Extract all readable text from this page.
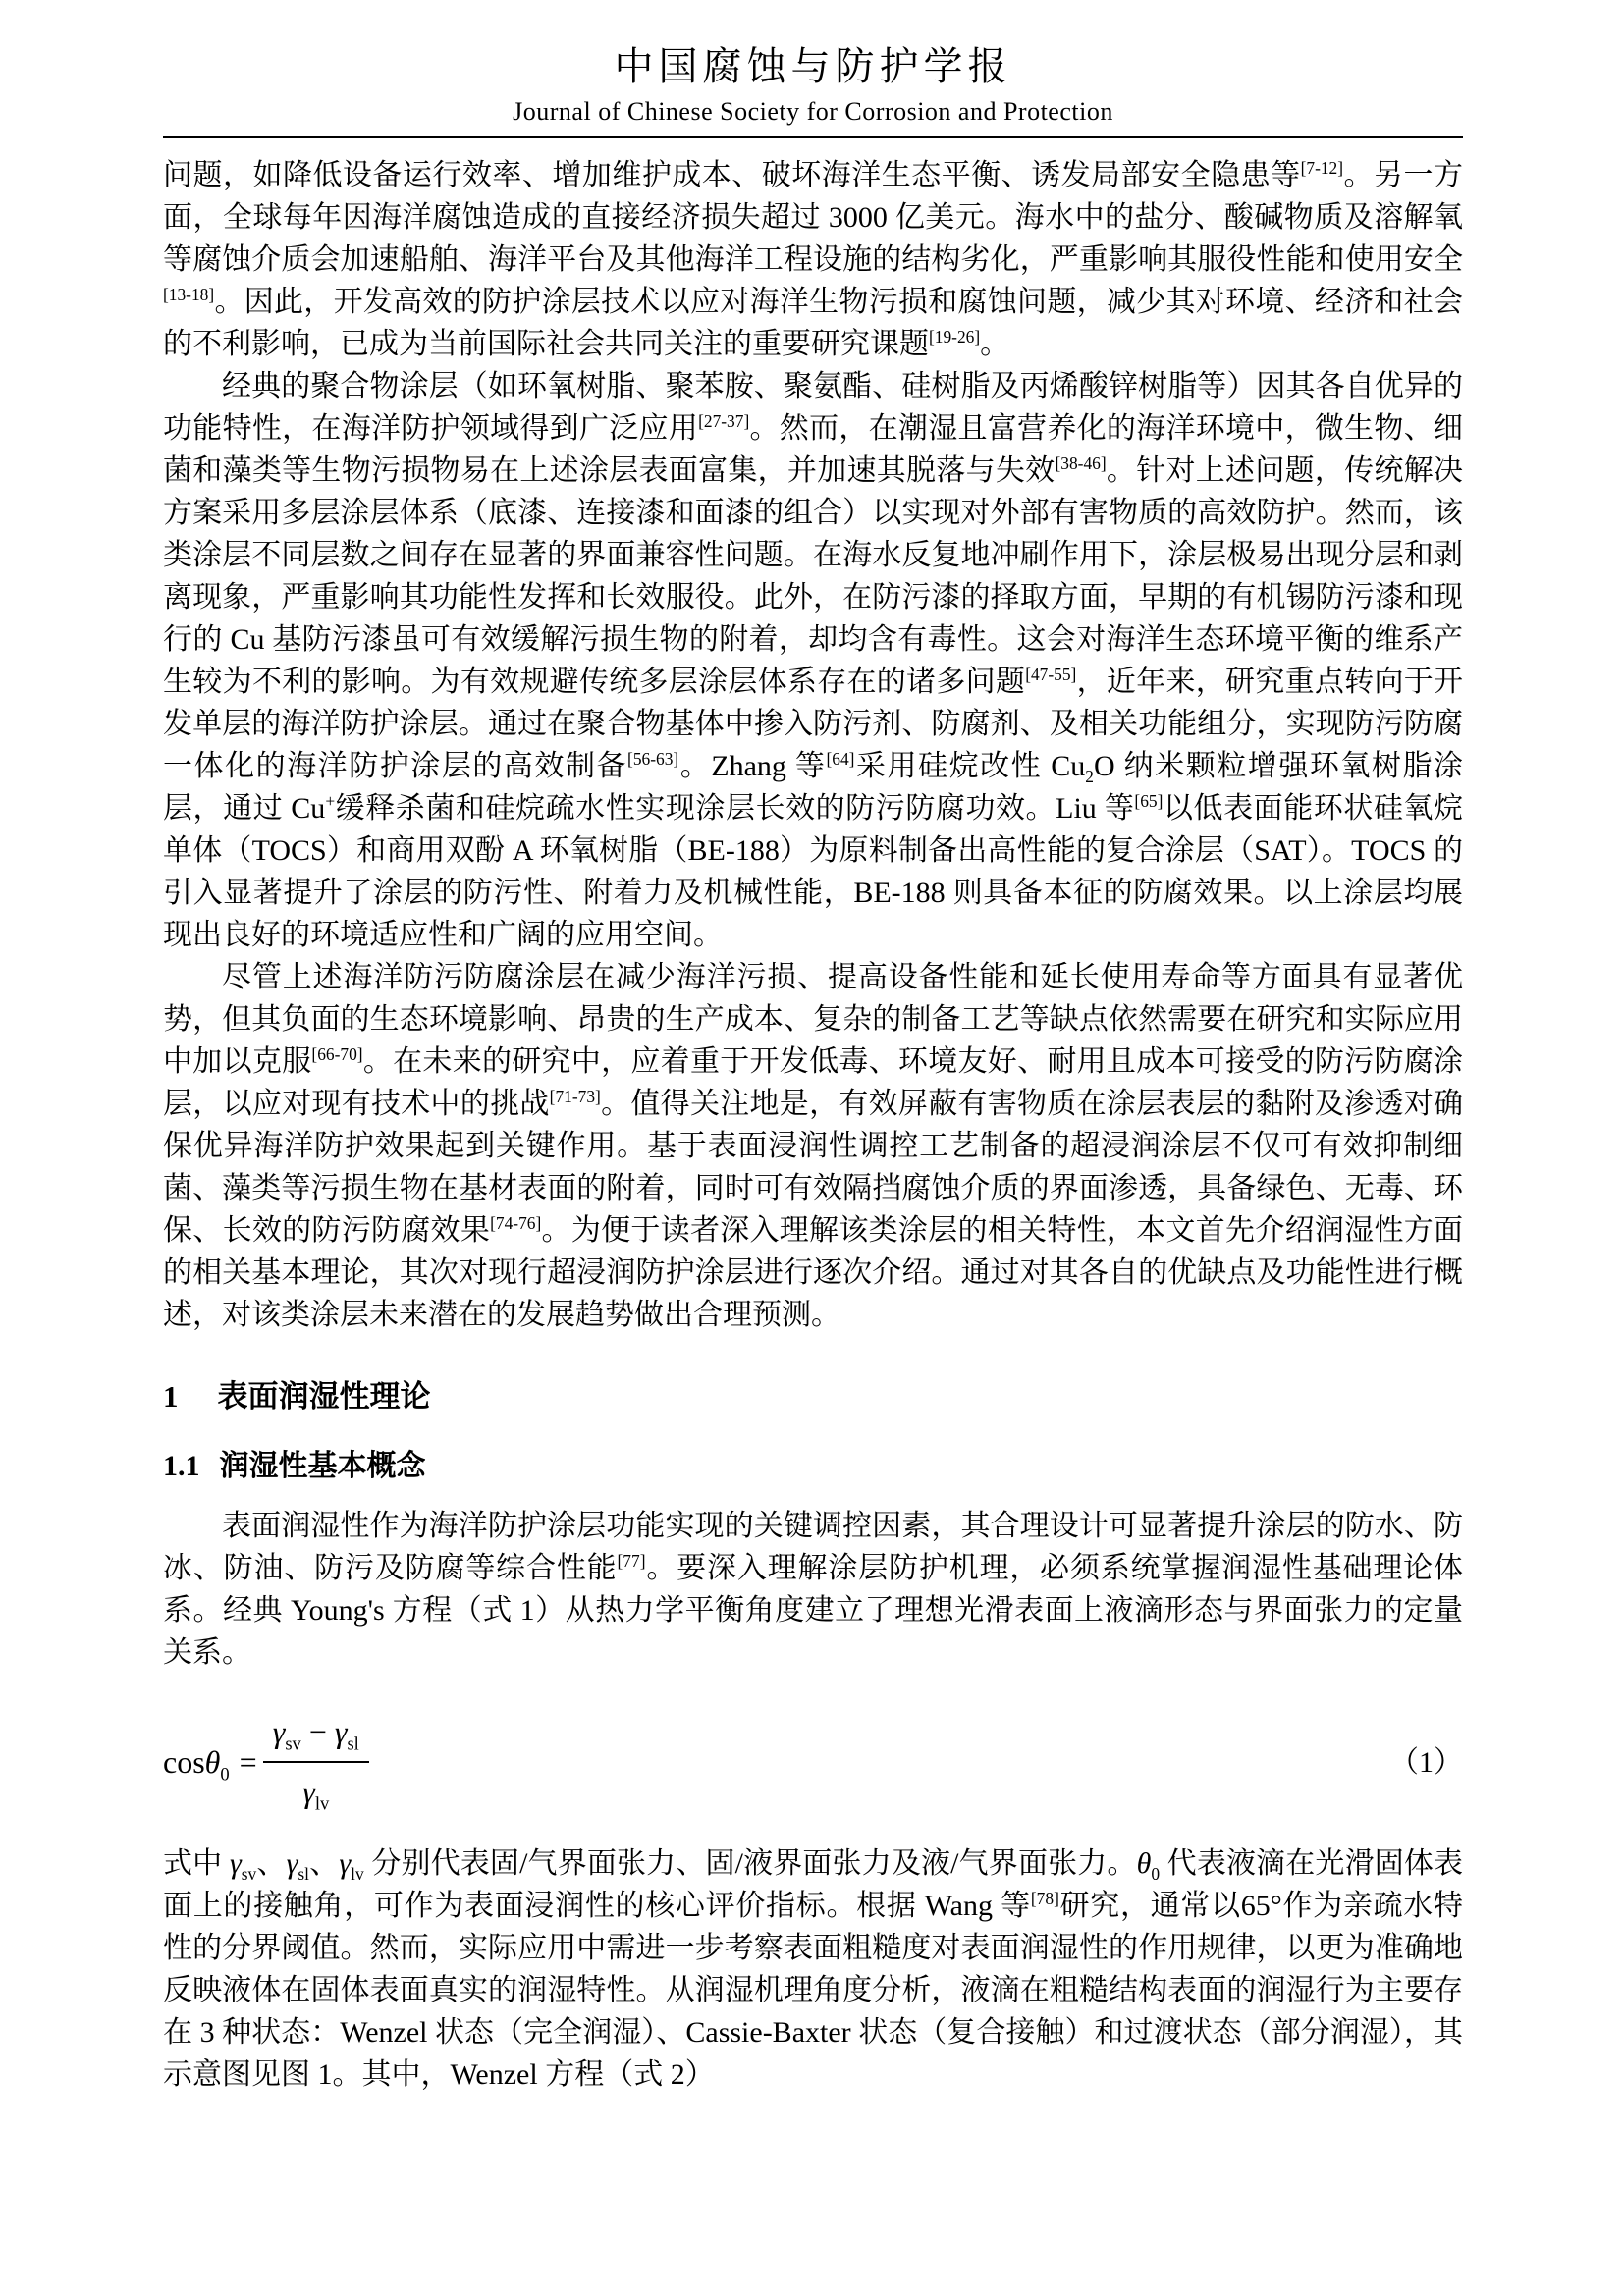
中国腐蚀与防护学报
Journal of Chinese Society for Corrosion and Protection

问题，如降低设备运行效率、增加维护成本、破坏海洋生态平衡、诱发局部安全隐患等[7-12]。另一方面，全球每年因海洋腐蚀造成的直接经济损失超过 3000 亿美元。海水中的盐分、酸碱物质及溶解氧等腐蚀介质会加速船舶、海洋平台及其他海洋工程设施的结构劣化，严重影响其服役性能和使用安全[13-18]。因此，开发高效的防护涂层技术以应对海洋生物污损和腐蚀问题，减少其对环境、经济和社会的不利影响，已成为当前国际社会共同关注的重要研究课题[19-26]。

经典的聚合物涂层（如环氧树脂、聚苯胺、聚氨酯、硅树脂及丙烯酸锌树脂等）因其各自优异的功能特性，在海洋防护领域得到广泛应用[27-37]。然而，在潮湿且富营养化的海洋环境中，微生物、细菌和藻类等生物污损物易在上述涂层表面富集，并加速其脱落与失效[38-46]。针对上述问题，传统解决方案采用多层涂层体系（底漆、连接漆和面漆的组合）以实现对外部有害物质的高效防护。然而，该类涂层不同层数之间存在显著的界面兼容性问题。在海水反复地冲刷作用下，涂层极易出现分层和剥离现象，严重影响其功能性发挥和长效服役。此外，在防污漆的择取方面，早期的有机锡防污漆和现行的 Cu 基防污漆虽可有效缓解污损生物的附着，却均含有毒性。这会对海洋生态环境平衡的维系产生较为不利的影响。为有效规避传统多层涂层体系存在的诸多问题[47-55]，近年来，研究重点转向于开发单层的海洋防护涂层。通过在聚合物基体中掺入防污剂、防腐剂、及相关功能组分，实现防污防腐一体化的海洋防护涂层的高效制备[56-63]。Zhang 等[64]采用硅烷改性 $Cu_2O$ 纳米颗粒增强环氧树脂涂层，通过 Cu+缓释杀菌和硅烷疏水性实现涂层长效的防污防腐功效。Liu 等[65]以低表面能环状硅氧烷单体（TOCS）和商用双酚 A 环氧树脂（BE-188）为原料制备出高性能的复合涂层（SAT）。TOCS 的引入显著提升了涂层的防污性、附着力及机械性能，BE-188 则具备本征的防腐效果。以上涂层均展现出良好的环境适应性和广阔的应用空间。

尽管上述海洋防污防腐涂层在减少海洋污损、提高设备性能和延长使用寿命等方面具有显著优势，但其负面的生态环境影响、昂贵的生产成本、复杂的制备工艺等缺点依然需要在研究和实际应用中加以克服[66-70]。在未来的研究中，应着重于开发低毒、环境友好、耐用且成本可接受的防污防腐涂层，以应对现有技术中的挑战[71-73]。值得关注地是，有效屏蔽有害物质在涂层表层的黏附及渗透对确保优异海洋防护效果起到关键作用。基于表面浸润性调控工艺制备的超浸润涂层不仅可有效抑制细菌、藻类等污损生物在基材表面的附着，同时可有效隔挡腐蚀介质的界面渗透，具备绿色、无毒、环保、长效的防污防腐效果[74-76]。为便于读者深入理解该类涂层的相关特性，本文首先介绍润湿性方面的相关基本理论，其次对现行超浸润防护涂层进行逐次介绍。通过对其各自的优缺点及功能性进行概述，对该类涂层未来潜在的发展趋势做出合理预测。

1 表面润湿性理论
1.1 润湿性基本概念

表面润湿性作为海洋防护涂层功能实现的关键调控因素，其合理设计可显著提升涂层的防水、防冰、防油、防污及防腐等综合性能[77]。要深入理解涂层防护机理，必须系统掌握润湿性基础理论体系。经典 Young's 方程（式 1）从热力学平衡角度建立了理想光滑表面上液滴形态与界面张力的定量关系。

$\cos\theta_0 = \frac{\gamma_{sv} - \gamma_{sl}}{\gamma_{lv}}$	（1）

式中 $\gamma_{sv}$、$\gamma_{sl}$、$\gamma_{lv}$ 分别代表固/气界面张力、固/液界面张力及液/气界面张力。$\theta_0$ 代表液滴在光滑固体表面上的接触角，可作为表面浸润性的核心评价指标。根据 Wang 等[78]研究，通常以65°作为亲疏水特性的分界阈值。然而，实际应用中需进一步考察表面粗糙度对表面润湿性的作用规律，以更为准确地反映液体在固体表面真实的润湿特性。从润湿机理角度分析，液滴在粗糙结构表面的润湿行为主要存在 3 种状态：Wenzel 状态（完全润湿）、Cassie-Baxter 状态（复合接触）和过渡状态（部分润湿），其示意图见图 1。其中，Wenzel 方程（式 2）
